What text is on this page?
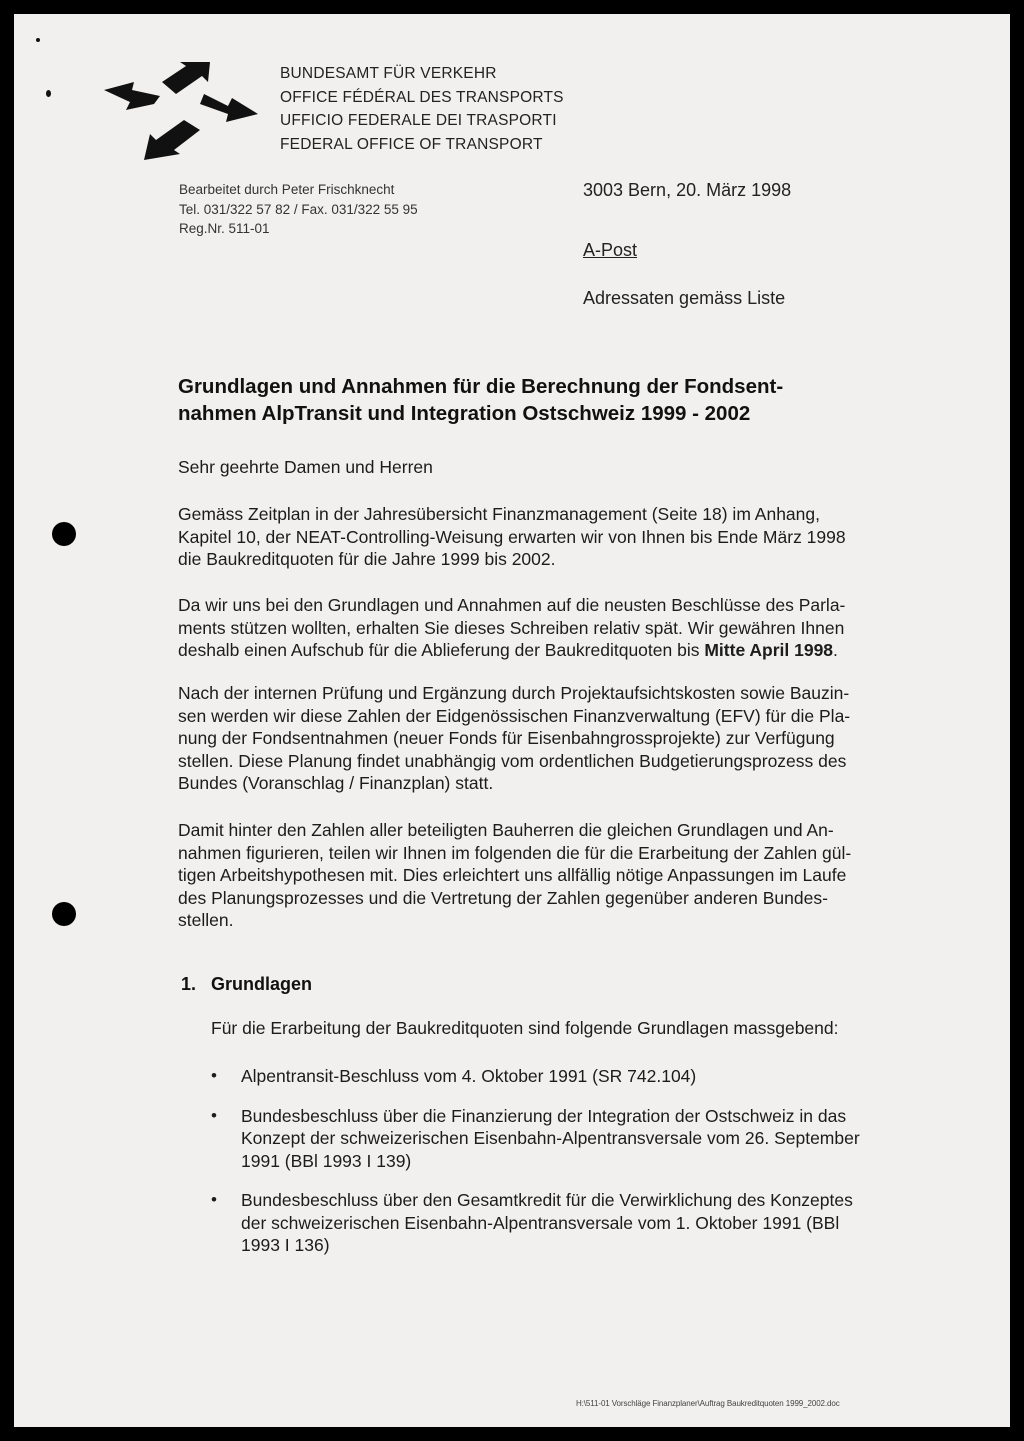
BUNDESAMT FÜR VERKEHR
OFFICE FÉDÉRAL DES TRANSPORTS
UFFICIO FEDERALE DEI TRASPORTI
FEDERAL OFFICE OF TRANSPORT
Bearbeitet durch Peter Frischknecht
Tel. 031/322 57 82 / Fax. 031/322 55 95
Reg.Nr. 511-01
3003 Bern, 20. März 1998
A-Post
Adressaten gemäss Liste
Grundlagen und Annahmen für die Berechnung der Fondsent-
nahmen AlpTransit und Integration Ostschweiz 1999 - 2002
Sehr geehrte Damen und Herren
Gemäss Zeitplan in der Jahresübersicht Finanzmanagement (Seite 18) im Anhang,
Kapitel 10, der NEAT-Controlling-Weisung erwarten wir von Ihnen bis Ende März 1998
die Baukreditquoten für die Jahre 1999 bis 2002.
Da wir uns bei den Grundlagen und Annahmen auf die neusten Beschlüsse des Parla-
ments stützen wollten, erhalten Sie dieses Schreiben relativ spät. Wir gewähren Ihnen
deshalb einen Aufschub für die Ablieferung der Baukreditquoten bis Mitte April 1998.
Nach der internen Prüfung und Ergänzung durch Projektaufsichtskosten sowie Bauzin-
sen werden wir diese Zahlen der Eidgenössischen Finanzverwaltung (EFV) für die Pla-
nung der Fondsentnahmen (neuer Fonds für Eisenbahngrossprojekte) zur Verfügung
stellen. Diese Planung findet unabhängig vom ordentlichen Budgetierungsprozess des
Bundes (Voranschlag / Finanzplan) statt.
Damit hinter den Zahlen aller beteiligten Bauherren die gleichen Grundlagen und An-
nahmen figurieren, teilen wir Ihnen im folgenden die für die Erarbeitung der Zahlen gül-
tigen Arbeitshypothesen mit. Dies erleichtert uns allfällig nötige Anpassungen im Laufe
des Planungsprozesses und die Vertretung der Zahlen gegenüber anderen Bundes-
stellen.
1. Grundlagen
Für die Erarbeitung der Baukreditquoten sind folgende Grundlagen massgebend:
• Alpentransit-Beschluss vom 4. Oktober 1991 (SR 742.104)
• Bundesbeschluss über die Finanzierung der Integration der Ostschweiz in das
Konzept der schweizerischen Eisenbahn-Alpentransversale vom 26. September
1991 (BBl 1993 I 139)
• Bundesbeschluss über den Gesamtkredit für die Verwirklichung des Konzeptes
der schweizerischen Eisenbahn-Alpentransversale vom 1. Oktober 1991 (BBl
1993 I 136)
H:\511-01 Vorschläge Finanzplaner\Auftrag Baukreditquoten 1999_2002.doc
